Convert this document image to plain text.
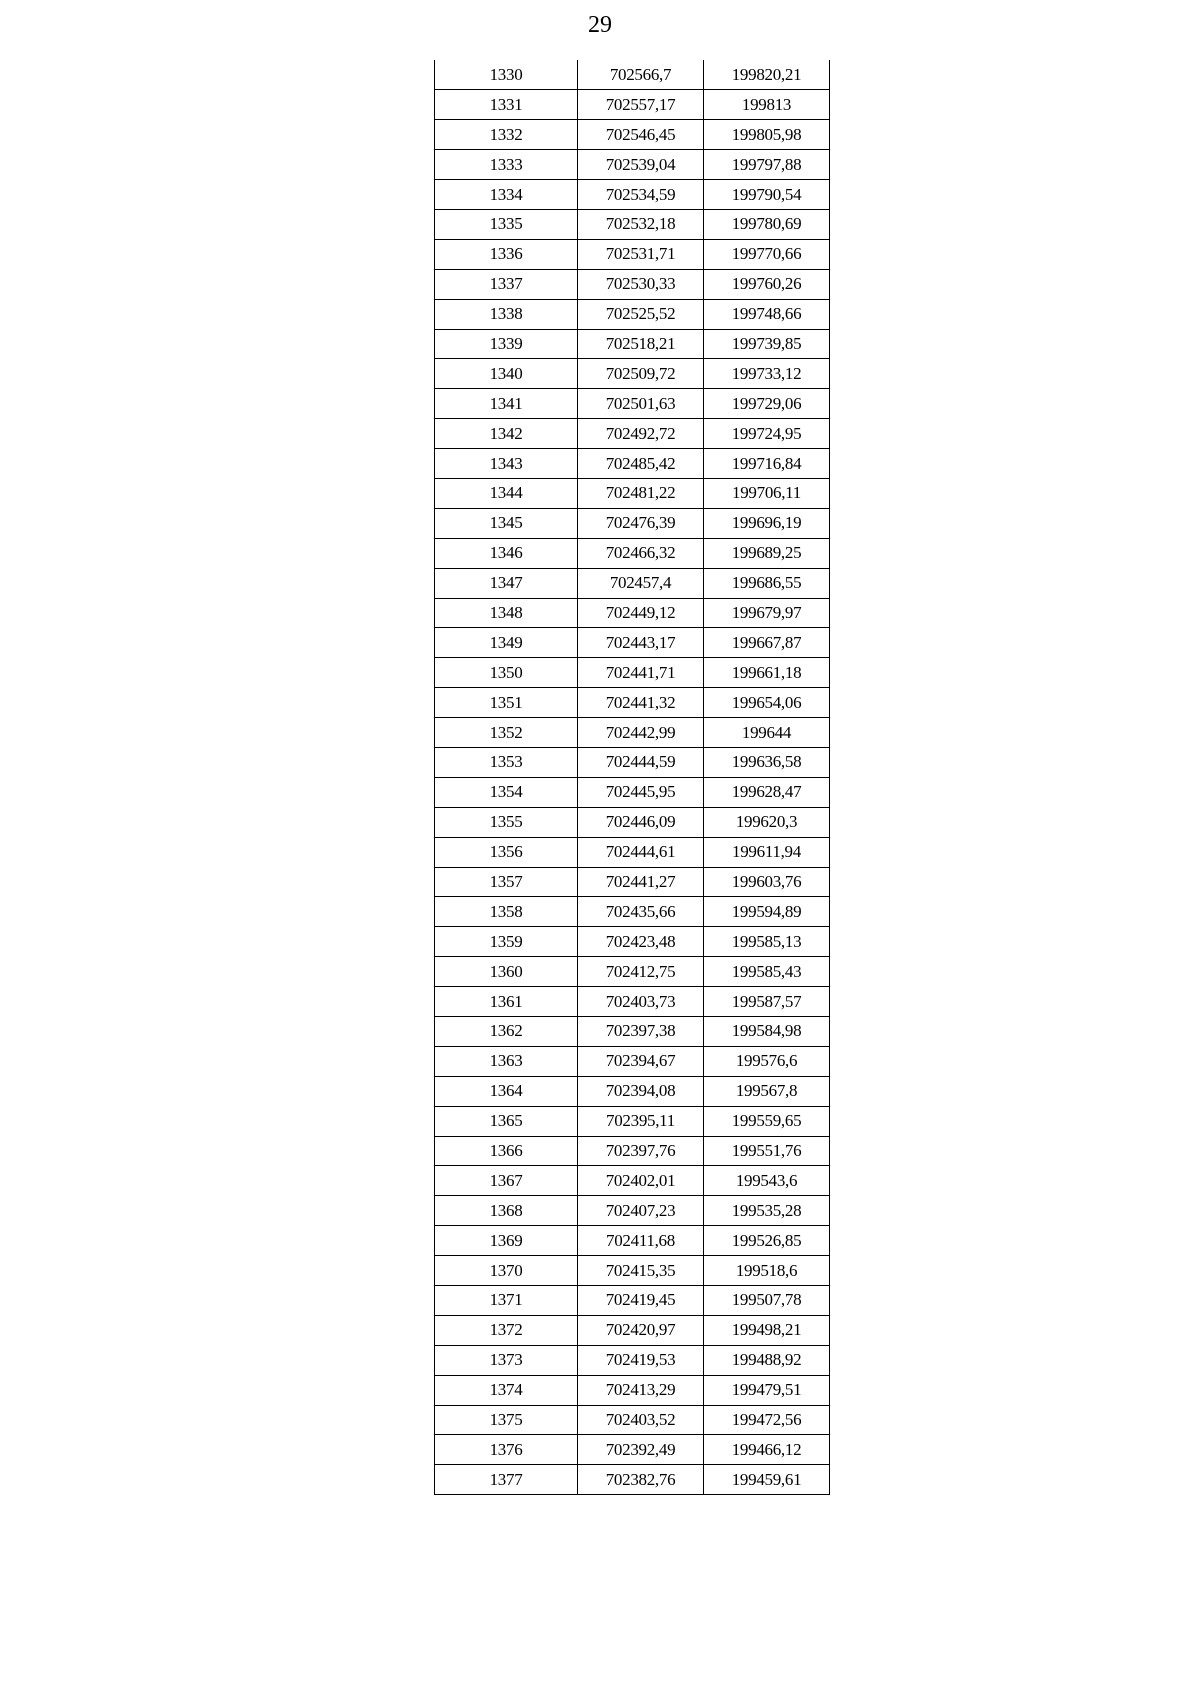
29
1330	702566,7	199820,21
1331	702557,17	199813
1332	702546,45	199805,98
1333	702539,04	199797,88
1334	702534,59	199790,54
1335	702532,18	199780,69
1336	702531,71	199770,66
1337	702530,33	199760,26
1338	702525,52	199748,66
1339	702518,21	199739,85
1340	702509,72	199733,12
1341	702501,63	199729,06
1342	702492,72	199724,95
1343	702485,42	199716,84
1344	702481,22	199706,11
1345	702476,39	199696,19
1346	702466,32	199689,25
1347	702457,4	199686,55
1348	702449,12	199679,97
1349	702443,17	199667,87
1350	702441,71	199661,18
1351	702441,32	199654,06
1352	702442,99	199644
1353	702444,59	199636,58
1354	702445,95	199628,47
1355	702446,09	199620,3
1356	702444,61	199611,94
1357	702441,27	199603,76
1358	702435,66	199594,89
1359	702423,48	199585,13
1360	702412,75	199585,43
1361	702403,73	199587,57
1362	702397,38	199584,98
1363	702394,67	199576,6
1364	702394,08	199567,8
1365	702395,11	199559,65
1366	702397,76	199551,76
1367	702402,01	199543,6
1368	702407,23	199535,28
1369	702411,68	199526,85
1370	702415,35	199518,6
1371	702419,45	199507,78
1372	702420,97	199498,21
1373	702419,53	199488,92
1374	702413,29	199479,51
1375	702403,52	199472,56
1376	702392,49	199466,12
1377	702382,76	199459,61
